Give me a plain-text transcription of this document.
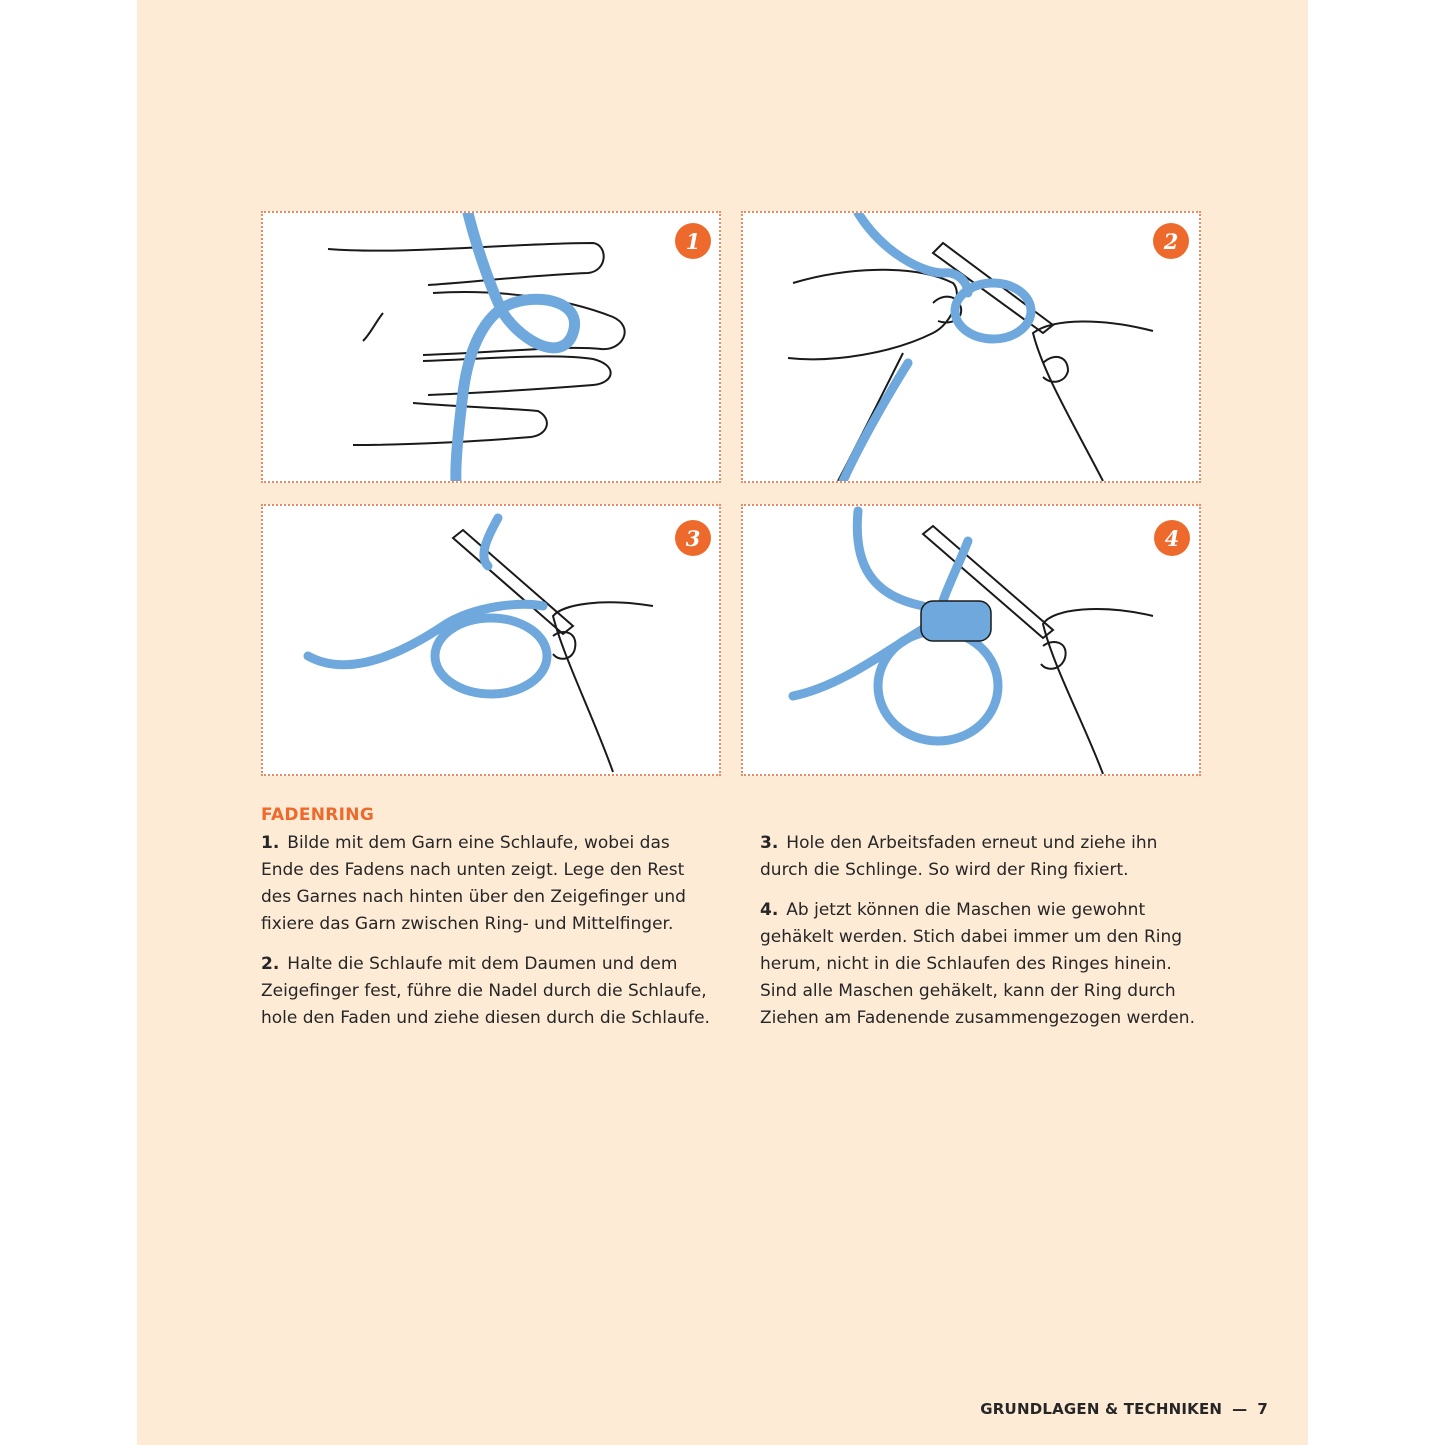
1	2
3	4
FADENRING

1. Bilde mit dem Garn eine Schlaufe, wobei das Ende des Fadens nach unten zeigt. Lege den Rest des Garnes nach hinten über den Zeigefinger und fixiere das Garn zwischen Ring- und Mittelfinger.

2. Halte die Schlaufe mit dem Daumen und dem Zeigefinger fest, führe die Nadel durch die Schlaufe, hole den Faden und ziehe diesen durch die Schlaufe.

3. Hole den Arbeitsfaden erneut und ziehe ihn durch die Schlinge. So wird der Ring fixiert.

4. Ab jetzt können die Maschen wie gewohnt gehäkelt werden. Stich dabei immer um den Ring herum, nicht in die Schlaufen des Ringes hinein. Sind alle Maschen gehäkelt, kann der Ring durch Ziehen am Fadenende zusammengezogen werden.

GRUNDLAGEN & TECHNIKEN — 7
